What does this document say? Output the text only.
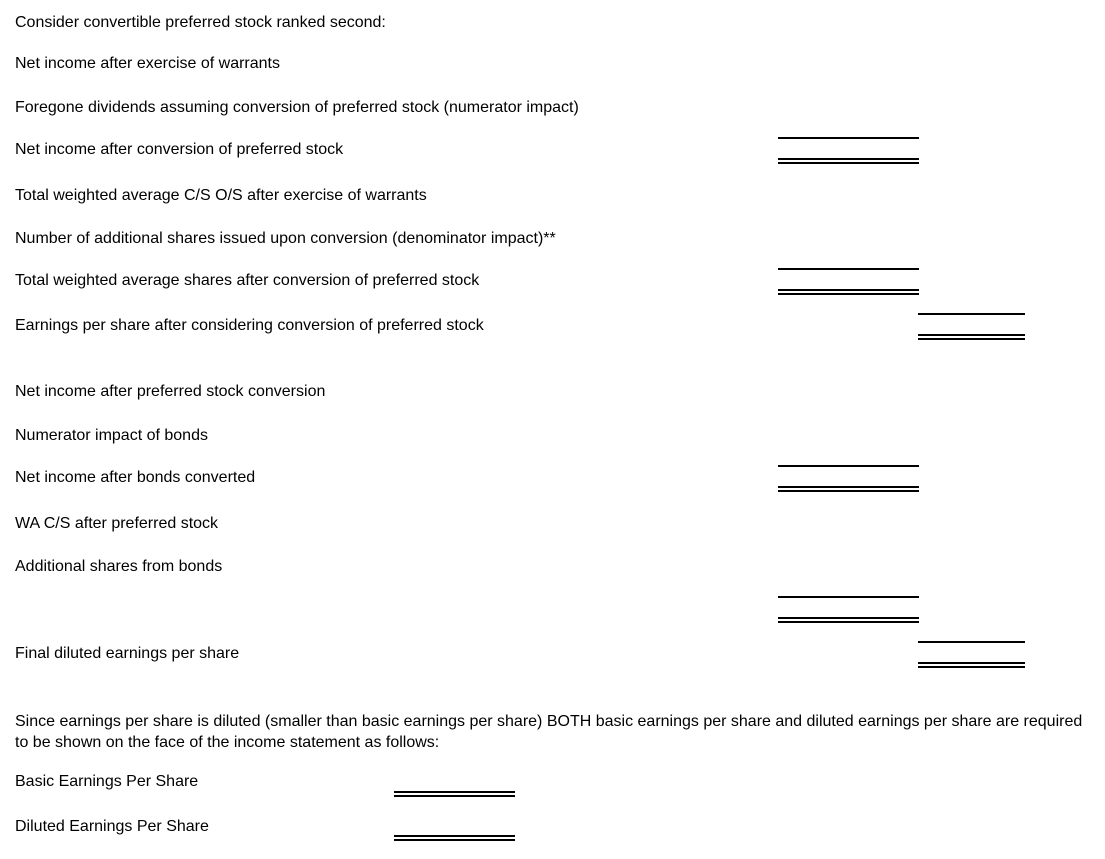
Consider convertible preferred stock ranked second:
Net income after exercise of warrants
Foregone dividends assuming conversion of preferred stock (numerator impact)
Net income after conversion of preferred stock
Total weighted average C/S O/S after exercise of warrants
Number of additional shares issued upon conversion (denominator impact)**
Total weighted average shares after conversion of preferred stock
Earnings per share after considering conversion of preferred stock
Net income after preferred stock conversion
Numerator impact of bonds
Net income after bonds converted
WA C/S after preferred stock
Additional shares from bonds
Final diluted earnings per share
Since earnings per share is diluted (smaller than basic earnings per share) BOTH basic earnings per share and diluted earnings per share are required to be shown on the face of the income statement as follows:
Basic Earnings Per Share
Diluted Earnings Per Share
